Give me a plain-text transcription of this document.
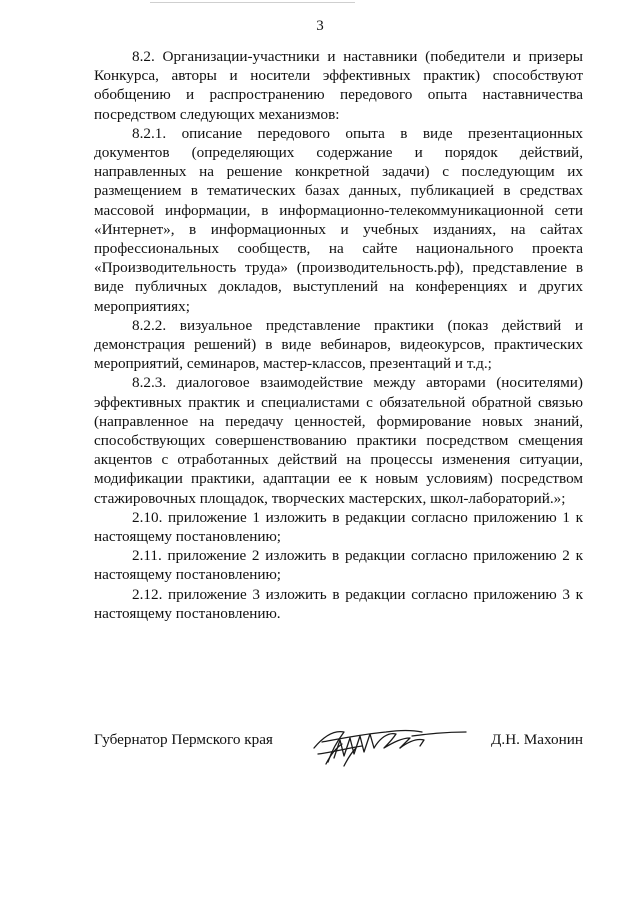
3

8.2. Организации-участники и наставники (победители и призеры Конкурса, авторы и носители эффективных практик) способствуют обобщению и распространению передового опыта наставничества посредством следующих механизмов:

8.2.1. описание передового опыта в виде презентационных документов (определяющих содержание и порядок действий, направленных на решение конкретной задачи) с последующим их размещением в тематических базах данных, публикацией в средствах массовой информации, в информационно-телекоммуникационной сети «Интернет», в информационных и учебных изданиях, на сайтах профессиональных сообществ, на сайте национального проекта «Производительность труда» (производительность.рф), представление в виде публичных докладов, выступлений на конференциях и других мероприятиях;

8.2.2. визуальное представление практики (показ действий и демонстрация решений) в виде вебинаров, видеокурсов, практических мероприятий, семинаров, мастер-классов, презентаций и т.д.;

8.2.3. диалоговое взаимодействие между авторами (носителями) эффективных практик и специалистами с обязательной обратной связью (направленное на передачу ценностей, формирование новых знаний, способствующих совершенствованию практики посредством смещения акцентов с отработанных действий на процессы изменения ситуации, модификации практики, адаптации ее к новым условиям) посредством стажировочных площадок, творческих мастерских, школ-лабораторий.»;

2.10. приложение 1 изложить в редакции согласно приложению 1 к настоящему постановлению;

2.11. приложение 2 изложить в редакции согласно приложению 2 к настоящему постановлению;

2.12. приложение 3 изложить в редакции согласно приложению 3 к настоящему постановлению.

Губернатор Пермского края	Д.Н. Махонин
